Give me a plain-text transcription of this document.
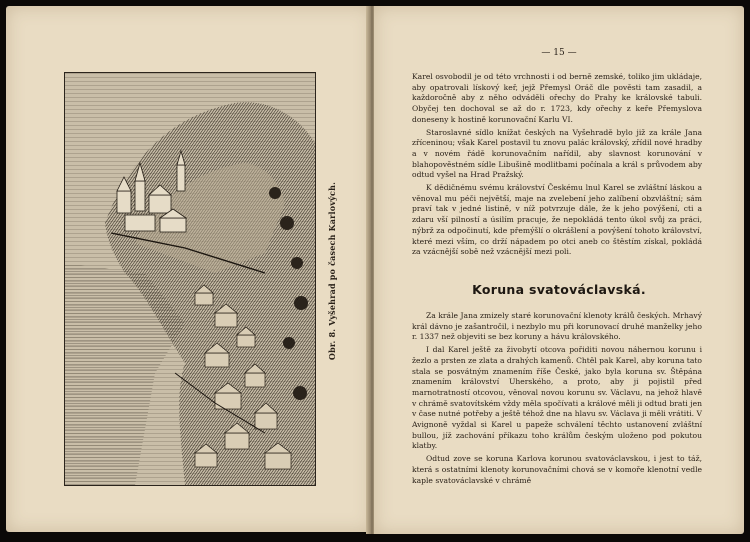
Obr. 8. Vyšehrad po časech Karlových.
— 15 —

Karel osvobodil je od této vrchnosti i od berně zemské, toliko jim ukládaje, aby opatrovali lískový keř, jejž Přemysl Oráč dle pověsti tam zasadil, a každoročně aby z něho odváděli ořechy do Prahy ke královské tabuli. Obyčej ten dochoval se až do r. 1723, kdy ořechy z keře Přemyslova doneseny k hostině korunovační Karlu VI.

Staroslavné sídlo knížat českých na Vyšehradě bylo již za krále Jana zříceninou; však Karel postavil tu znovu palác královský, zřídil nové hradby a v novém řádě korunovačním nařídil, aby slavnost korunování v blahopověstném sídle Libušině modlitbami počínala a král s průvodem aby odtud vyšel na Hrad Pražský.

K dědičnému svému království Českému lnul Karel se zvláštní láskou a věnoval mu péči největší, maje na zvelebení jeho zalíbení obzvláštní; sám praví tak v jedné listině, v níž potvrzuje dále, že k jeho povýšení, cti a zdaru vší pilností a úsilím pracuje, že nepokládá tento úkol svůj za práci, nýbrž za odpočinutí, kde přemýšlí o okrášlení a povýšení tohoto království, které mezi vším, co drží nápadem po otci aneb co štěstím získal, pokládá za vzácnější sobě než vzácnější mezi poli.

Koruna svatováclavská.

Za krále Jana zmizely staré korunovační klenoty králů českých. Mrhavý král dávno je zašantročil, i nezbylo mu při korunovací druhé manželky jeho r. 1337 než objeviti se bez koruny a hávu královského.

I dal Karel ještě za živobytí otcova pořiditi novou náhernou korunu i žezlo a prsten ze zlata a drahých kamenů. Chtěl pak Karel, aby koruna tato stala se posvátným znamením říše České, jako byla koruna sv. Štěpána znamením království Uherského, a proto, aby ji pojistil před marnotratností otcovou, věnoval novou korunu sv. Václavu, na jehož hlavě v chrámě svatovítském vždy měla spočívati a králové měli ji odtud brati jen v čase nutné potřeby a ještě téhož dne na hlavu sv. Václava ji měli vrátiti. V Avignoně vyždal si Karel u papeže schválení těchto ustanovení zvláštní bullou, jíž zachování příkazu toho králům českým uloženo pod pokutou klatby.

Odtud zove se koruna Karlova korunou svatováclavskou, i jest to táž, která s ostatními klenoty korunovačními chová se v komoře klenotní vedle kaple svatováclavské v chrámě
